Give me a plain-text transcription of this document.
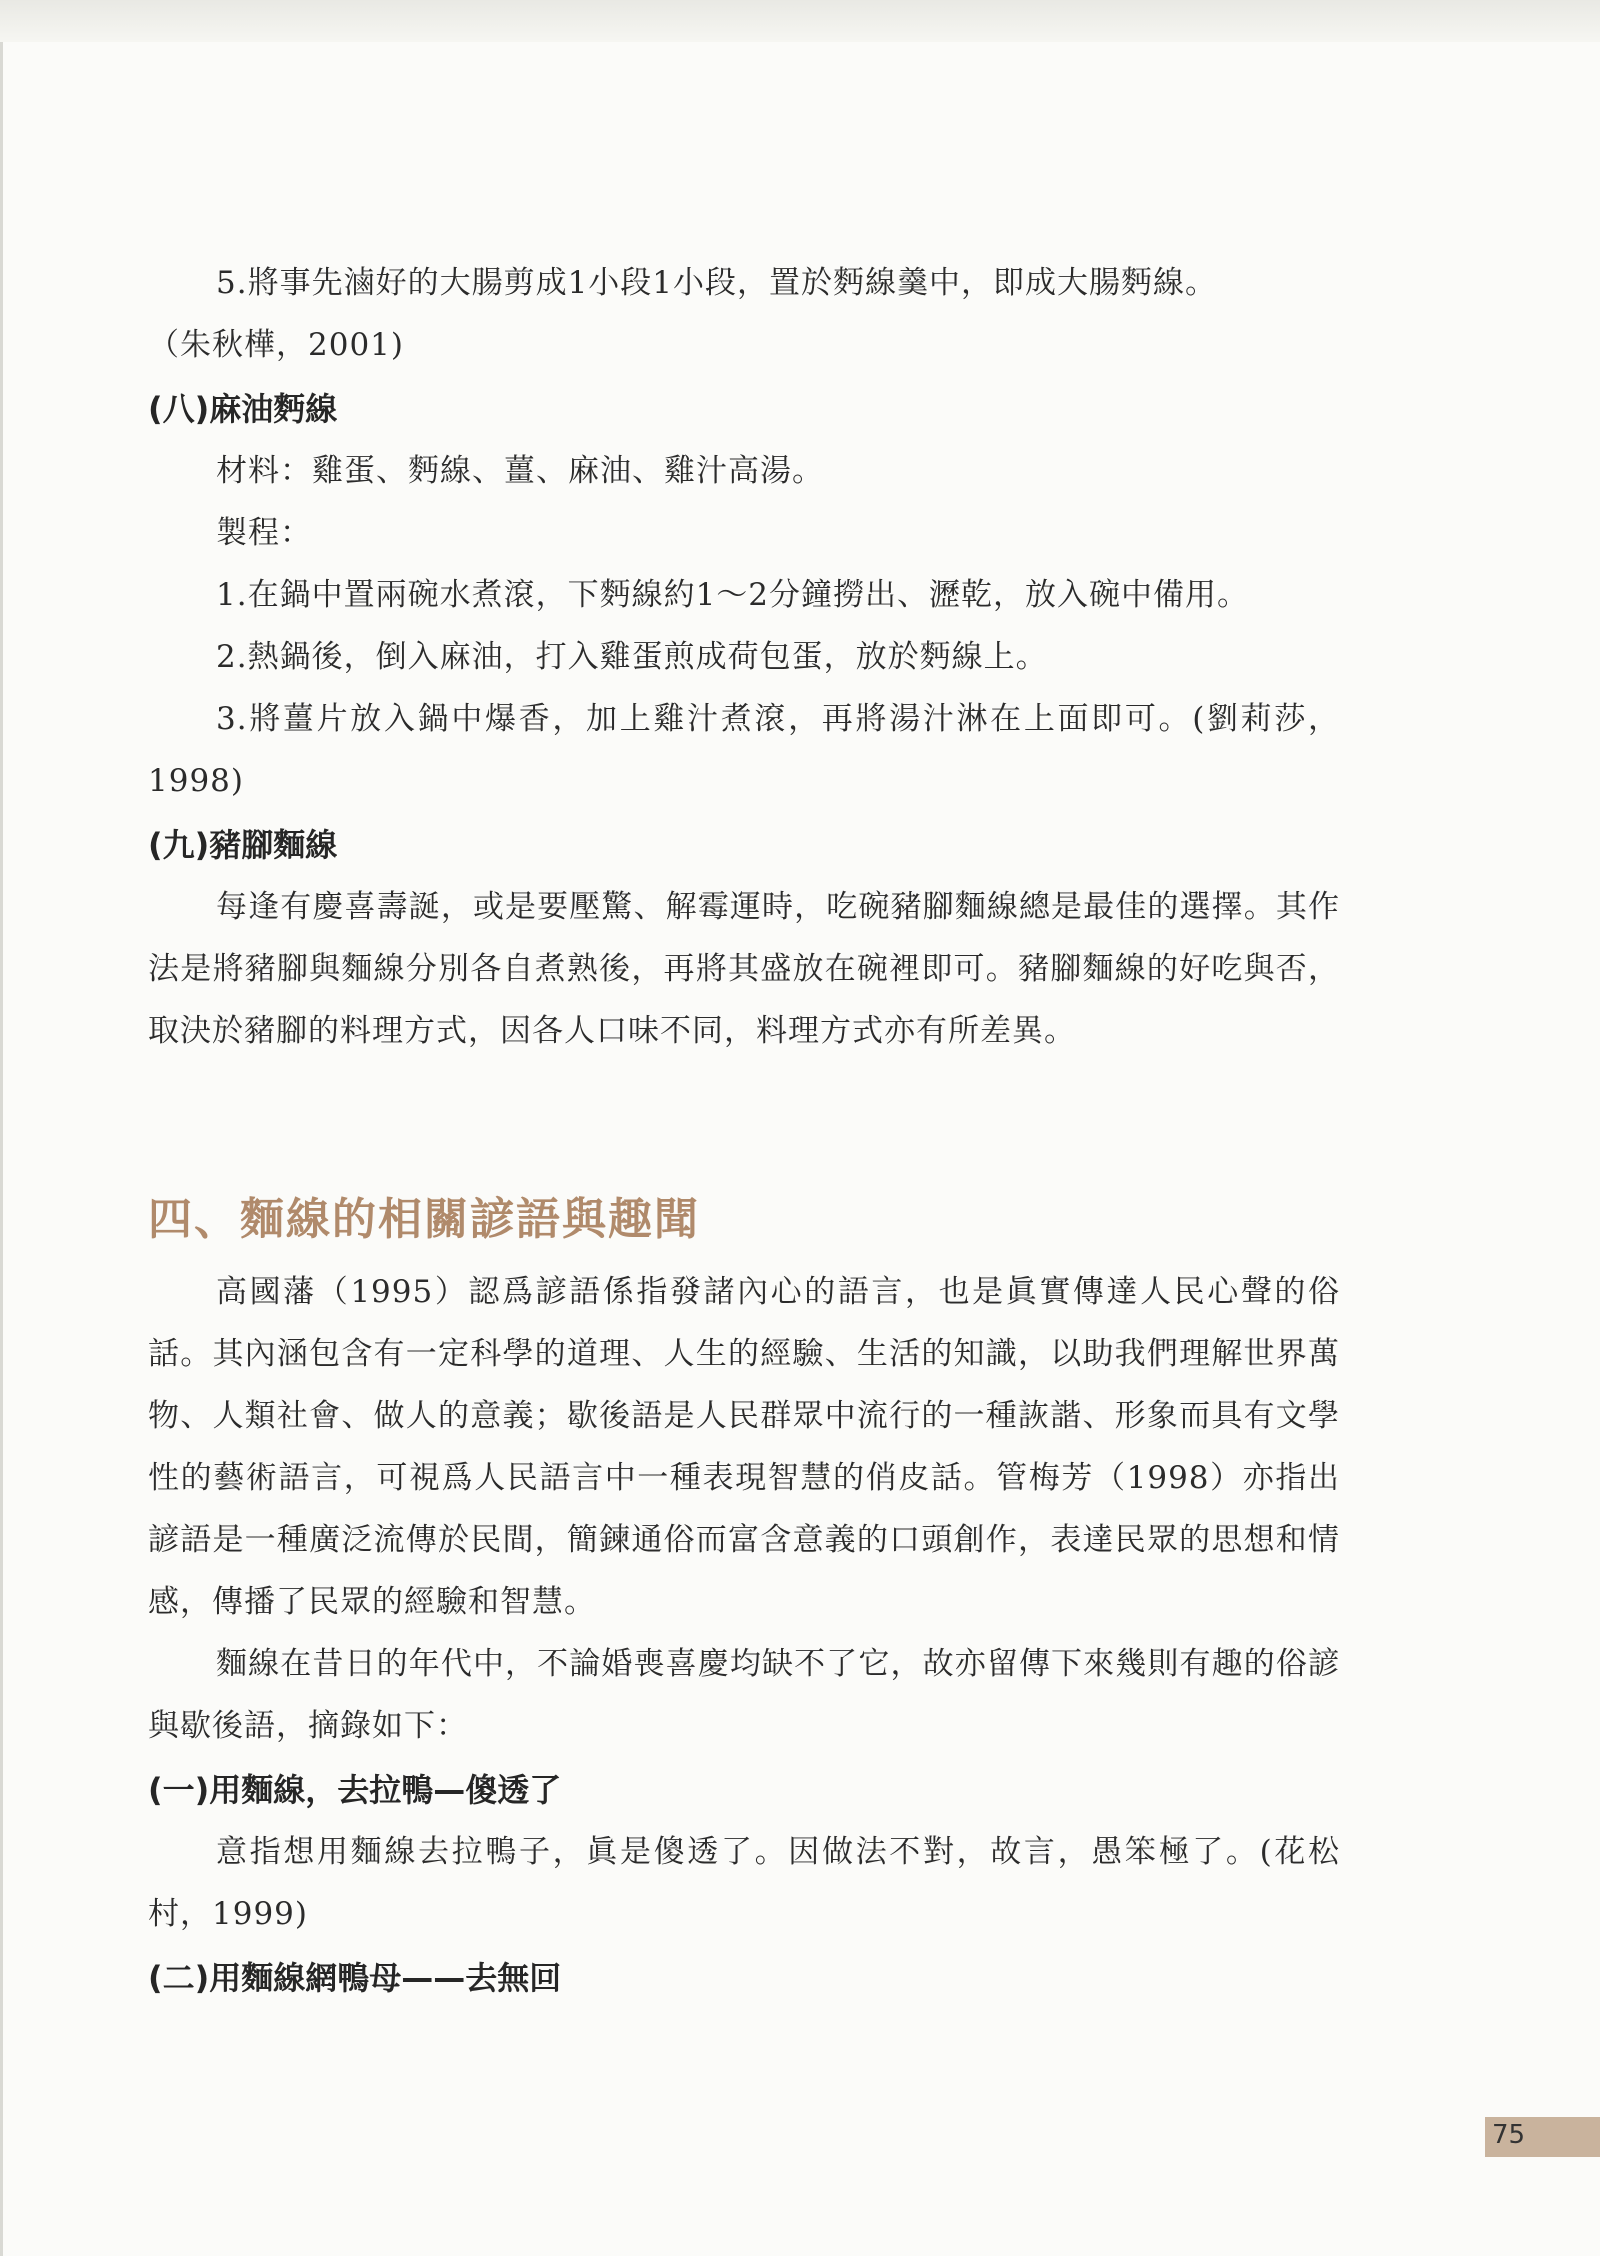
5.將事先滷好的大腸剪成1小段1小段，置於麪線羹中，即成大腸麪線。
（朱秋樺，2001)

(八)麻油麪線

材料：雞蛋、麪線、薑、麻油、雞汁高湯。

製程：

1.在鍋中置兩碗水煮滾，下麪線約1～2分鐘撈出、瀝乾，放入碗中備用。

2.熱鍋後，倒入麻油，打入雞蛋煎成荷包蛋，放於麪線上。

3.將薑片放入鍋中爆香，加上雞汁煮滾，再將湯汁淋在上面即可。(劉莉莎，1998)

(九)豬腳麵線

每逢有慶喜壽誕，或是要壓驚、解霉運時，吃碗豬腳麵線總是最佳的選擇。其作法是將豬腳與麵線分別各自煮熟後，再將其盛放在碗裡即可。豬腳麵線的好吃與否，取決於豬腳的料理方式，因各人口味不同，料理方式亦有所差異。

四、麵線的相關諺語與趣聞

高國藩（1995）認爲諺語係指發諸內心的語言，也是眞實傳達人民心聲的俗話。其內涵包含有一定科學的道理、人生的經驗、生活的知識，以助我們理解世界萬物、人類社會、做人的意義；歇後語是人民群眾中流行的一種詼諧、形象而具有文學性的藝術語言，可視爲人民語言中一種表現智慧的俏皮話。管梅芳（1998）亦指出諺語是一種廣泛流傳於民間，簡鍊通俗而富含意義的口頭創作，表達民眾的思想和情感，傳播了民眾的經驗和智慧。

麵線在昔日的年代中，不論婚喪喜慶均缺不了它，故亦留傳下來幾則有趣的俗諺與歇後語，摘錄如下：

(一)用麵線，去拉鴨—傻透了

意指想用麵線去拉鴨子，眞是傻透了。因做法不對，故言，愚笨極了。(花松村，1999)

(二)用麵線網鴨母——去無回
75
